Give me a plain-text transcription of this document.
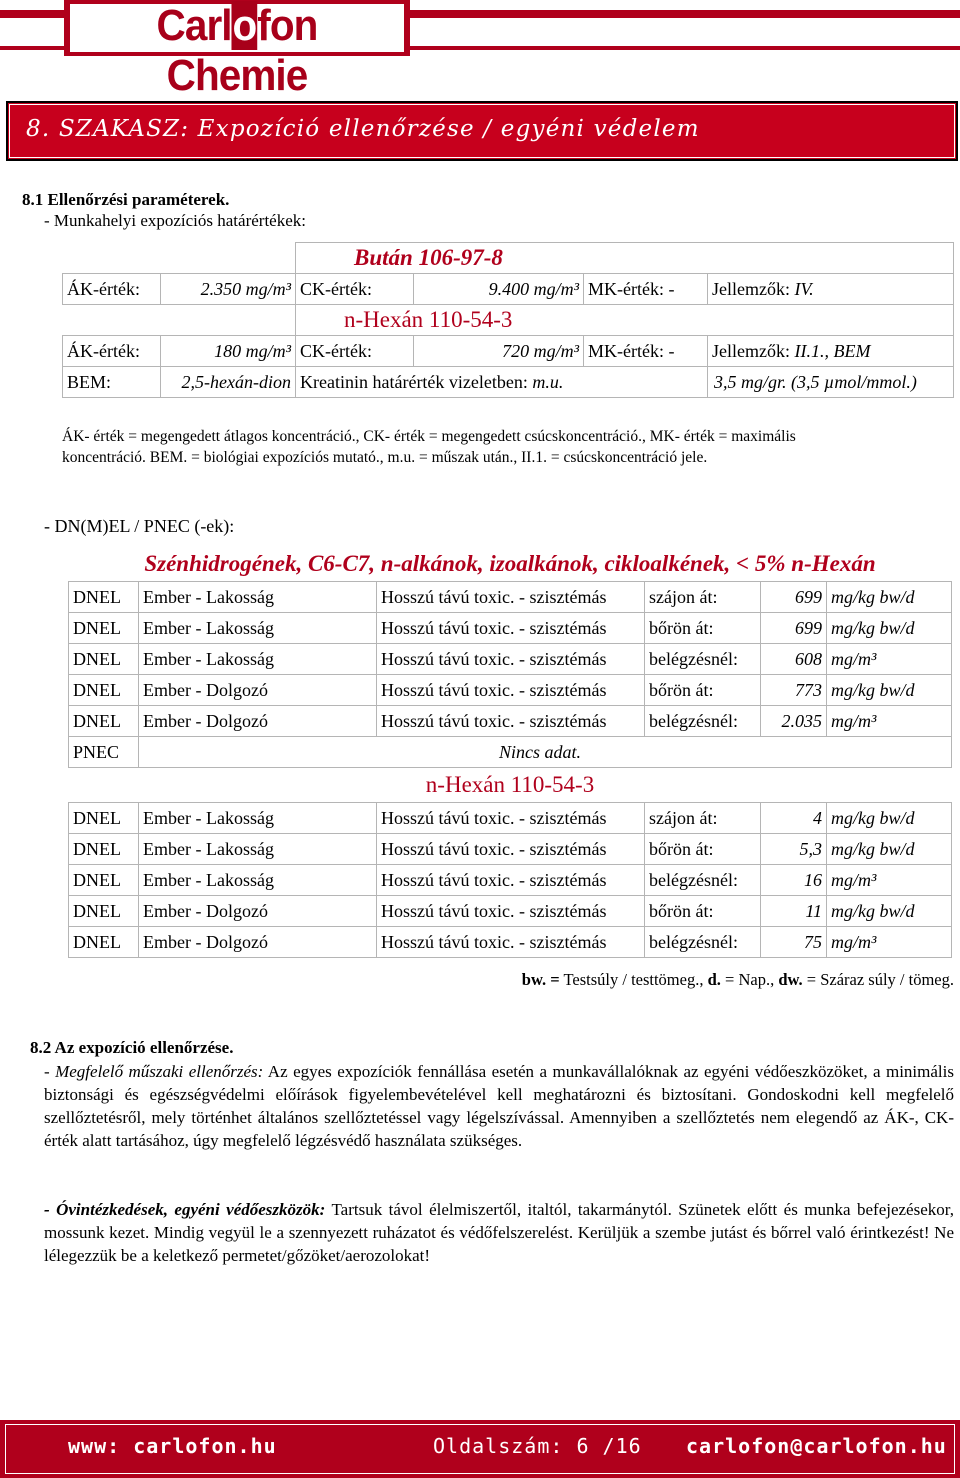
Carlofon Chemie
8. SZAKASZ: Expozíció ellenőrzése / egyéni védelem
8.1 Ellenőrzési paraméterek.
- Munkahelyi expozíciós határértékek:
		Bután 106-97-8			
ÁK-érték:	2.350 mg/m³	CK-érték:	9.400 mg/m³	MK-érték: -	Jellemzők: IV.
		n-Hexán 110-54-3			
ÁK-érték:	180 mg/m³	CK-érték:	720 mg/m³	MK-érték: -	Jellemzők: II.1., BEM
BEM:	2,5-hexán-dion	Kreatinin határérték vizeletben: m.u.			3,5 mg/gr. (3,5 µmol/mmol.)
ÁK- érték = megengedett átlagos koncentráció., CK- érték = megengedett csúcskoncentráció., MK- érték = maximális
koncentráció. BEM. = biológiai expozíciós mutató., m.u. = műszak után., II.1. = csúcskoncentráció jele.
- DN(M)EL / PNEC (-ek):
Szénhidrogének, C6-C7, n-alkánok, izoalkánok, cikloalkének, < 5% n-Hexán					
DNEL	Ember - Lakosság	Hosszú távú toxic. - szisztémás	szájon át:	699	mg/kg bw/d
DNEL	Ember - Lakosság	Hosszú távú toxic. - szisztémás	bőrön át:	699	mg/kg bw/d
DNEL	Ember - Lakosság	Hosszú távú toxic. - szisztémás	belégzésnél:	608	mg/m³
DNEL	Ember - Dolgozó	Hosszú távú toxic. - szisztémás	bőrön át:	773	mg/kg bw/d
DNEL	Ember - Dolgozó	Hosszú távú toxic. - szisztémás	belégzésnél:	2.035	mg/m³
PNEC	Nincs adat.				
n-Hexán 110-54-3					
DNEL	Ember - Lakosság	Hosszú távú toxic. - szisztémás	szájon át:	4	mg/kg bw/d
DNEL	Ember - Lakosság	Hosszú távú toxic. - szisztémás	bőrön át:	5,3	mg/kg bw/d
DNEL	Ember - Lakosság	Hosszú távú toxic. - szisztémás	belégzésnél:	16	mg/m³
DNEL	Ember - Dolgozó	Hosszú távú toxic. - szisztémás	bőrön át:	11	mg/kg bw/d
DNEL	Ember - Dolgozó	Hosszú távú toxic. - szisztémás	belégzésnél:	75	mg/m³
bw. = Testsúly / testtömeg., d. = Nap., dw. = Száraz súly / tömeg.
8.2 Az expozíció ellenőrzése.
- Megfelelő műszaki ellenőrzés: Az egyes expozíciók fennállása esetén a munkavállalóknak az egyéni védőeszközöket, a minimális biztonsági és egészségvédelmi előírások figyelembevételével kell meghatározni és biztosítani. Gondoskodni kell megfelelő szellőztetésről, mely történhet általános szellőztetéssel vagy légelszívással. Amennyiben a szellőztetés nem elegendő az ÁK-, CK- érték alatt tartásához, úgy megfelelő légzésvédő használata szükséges.
- Óvintézkedések, egyéni védőeszközök: Tartsuk távol élelmiszertől, italtól, takarmánytól. Szünetek előtt és munka befejezésekor, mossunk kezet. Mindig vegyül le a szennyezett ruházatot és védőfelszerelést. Kerüljük a szembe jutást és bőrrel való érintkezést! Ne lélegezzük be a keletkező permetet/gőzöket/aerozolokat!
www: carlofon.hu	Oldalszám: 6 /16 carlofon@carlofon.hu
